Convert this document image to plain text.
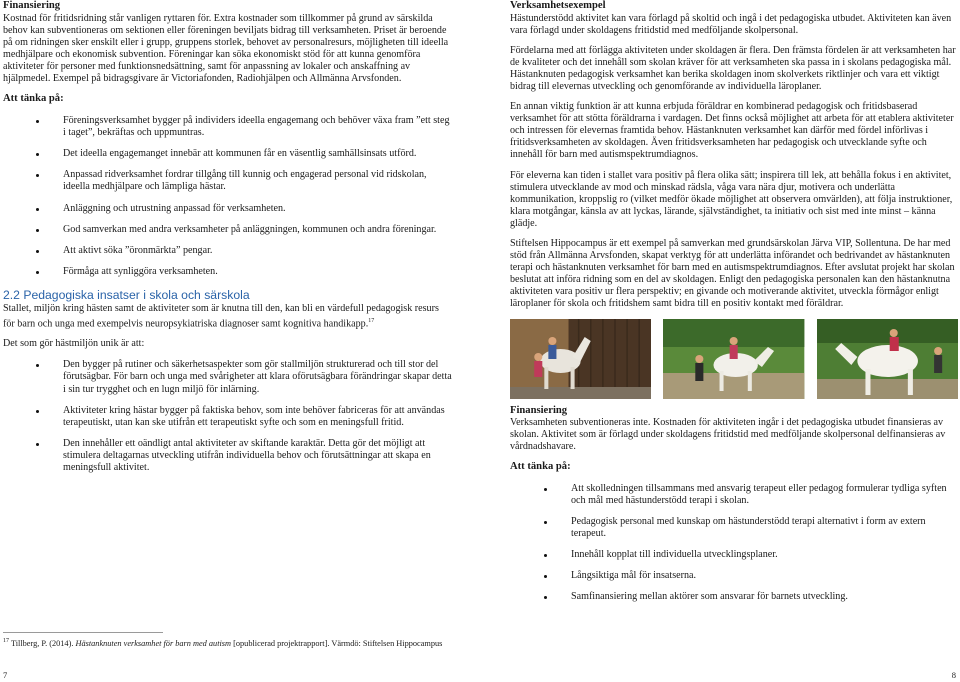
Finansiering

Kostnad för fritidsridning står vanligen ryttaren för. Extra kostnader som tillkommer på grund av särskilda behov kan subventioneras om sektionen eller föreningen beviljats bidrag till verksamheten. Priset är beroende på om ridningen sker enskilt eller i grupp, gruppens storlek, behovet av personalresurs, möjligheten till ideella medhjälpare och ekonomisk subvention. Föreningar kan söka ekonomiskt stöd för att kunna genomföra aktiviteter för personer med funktionsnedsättning, samt för anpassning av lokaler och anskaffning av hjälpmedel. Exempel på bidragsgivare är Victoriafonden, Radiohjälpen och Allmänna Arvsfonden.

Att tänka på:

Föreningsverksamhet bygger på individers ideella engagemang och behöver växa fram ”ett steg i taget”, bekräftas och uppmuntras.
Det ideella engagemanget innebär att kommunen får en väsentlig samhällsinsats utförd.
Anpassad ridverksamhet fordrar tillgång till kunnig och engagerad personal vid ridskolan, ideella medhjälpare och lämpliga hästar.
Anläggning och utrustning anpassad för verksamheten.
God samverkan med andra verksamheter på anläggningen, kommunen och andra föreningar.
Att aktivt söka ”öronmärkta” pengar.
Förmåga att synliggöra verksamheten.

2.2 Pedagogiska insatser i skola och särskola

Stallet, miljön kring hästen samt de aktiviteter som är knutna till den, kan bli en värdefull pedagogisk resurs för barn och unga med exempelvis neuropsykiatriska diagnoser samt kognitiva handikapp.$^{17}$

Det som gör hästmiljön unik är att:

Den bygger på rutiner och säkerhetsaspekter som gör stallmiljön strukturerad och till stor del förutsägbar. För barn och unga med svårigheter att klara oförutsägbara förändringar skapar detta i sin tur trygghet och en lugn miljö för inlärning.
Aktiviteter kring hästar bygger på faktiska behov, som inte behöver fabriceras för att användas terapeutiskt, utan kan ske utifrån ett terapeutiskt syfte och som en meningsfull fritid.
Den innehåller ett oändligt antal aktiviteter av skiftande karaktär. Detta gör det möjligt att stimulera deltagarnas utveckling utifrån individuella behov och förutsättningar att skapa en meningsfull aktivitet.
$^{17}$ Tillberg, P. (2014). Hästanknuten verksamhet för barn med autism [opublicerad projektrapport]. Värmdö: Stiftelsen Hippocampus
7

Verksamhetsexempel

Hästunderstödd aktivitet kan vara förlagd på skoltid och ingå i det pedagogiska utbudet. Aktiviteten kan även vara förlagd under skoldagens fritidstid med medföljande skolpersonal.

Fördelarna med att förlägga aktiviteten under skoldagen är flera. Den främsta fördelen är att verksamheten har de kvaliteter och det innehåll som skolan kräver för att verksamheten ska passa in i skolans pedagogiska mål. Hästanknuten pedagogisk verksamhet kan berika skoldagen inom skolverkets riktlinjer och vara ett viktigt bidrag till elevernas utveckling och genomförande av individuella läroplaner.

En annan viktig funktion är att kunna erbjuda föräldrar en kombinerad pedagogisk och fritidsbaserad verksamhet för att stötta föräldrarna i vardagen. Det finns också möjlighet att arbeta för att etablera aktiviteter och intressen för elevernas framtida behov. Hästanknuten verksamhet kan därför med fördel införlivas i fritidsverksamheten av skoldagen. Även fritidsverksamheten har pedagogisk och utvecklande syfte och innehåll för barn med autismspektrumdiagnos.

För eleverna kan tiden i stallet vara positiv på flera olika sätt; inspirera till lek, att behålla fokus i en aktivitet, stimulera utvecklande av mod och minskad rädsla, våga vara nära djur, motivera och underlätta kommunikation, kroppslig ro (vilket medför ökade möjlighet att observera omvärlden), att följa instruktioner, klara motgångar, känsla av att lyckas, lärande, självständighet, ta initiativ och sist med inte minst – känna glädje.

Stiftelsen Hippocampus är ett exempel på samverkan med grundsärskolan Järva VIP, Sollentuna. De har med stöd från Allmänna Arvsfonden, skapat verktyg för att underlätta införandet och bedrivandet av hästanknuten terapi och hästanknuten verksamhet för barn med en autismspektrumdiagnos. Efter avslutat projekt har skolan beslutat att införa ridning som en del av skoldagen. Enligt den pedagogiska personalen kan den hästanknutna aktiviteten vara positiv ur flera perspektiv; en givande och motiverande aktivitet, utveckla förmågor enligt läroplaner för skola och fritidshem samt bidra till en positiv kontakt med föräldrar.

Finansiering

Verksamheten subventioneras inte. Kostnaden för aktiviteten ingår i det pedagogiska utbudet finansieras av skolan. Aktivitet som är förlagd under skoldagens fritidstid med medföljande skolpersonal delfinansieras av vårdnadshavare.

Att tänka på:

Att skolledningen tillsammans med ansvarig terapeut eller pedagog formulerar tydliga syften och mål med hästunderstödd terapi i skolan.
Pedagogisk personal med kunskap om hästunderstödd terapi alternativt i form av extern terapeut.
Innehåll kopplat till individuella utvecklingsplaner.
Långsiktiga mål för insatserna.
Samfinansiering mellan aktörer som ansvarar för barnets utveckling.
8
